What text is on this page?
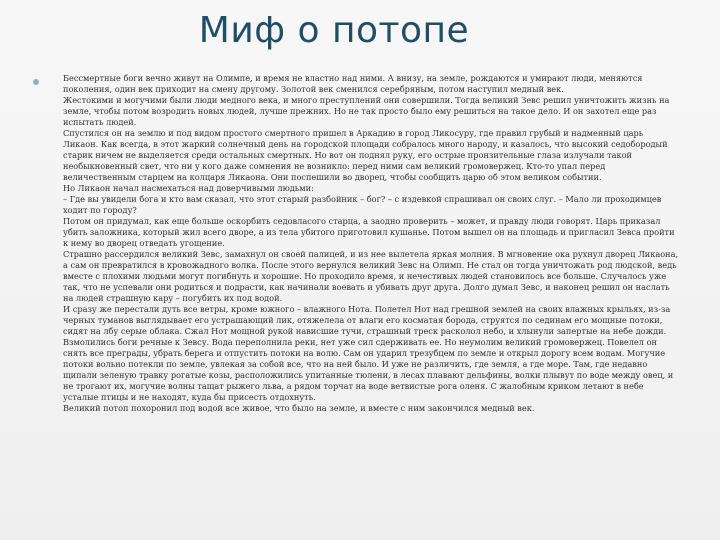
Миф о потопе

Бессмертные боги вечно живут на Олимпе, и время не властно над ними. А внизу, на земле, рождаются и умирают люди, меняются поколения, один век приходит на смену другому. Золотой век сменился серебряным, потом наступил медный век.

Жестокими и могучими были люди медного века, и много преступлений они совершили. Тогда великий Зевс решил уничтожить жизнь на земле, чтобы потом возродить новых людей, лучше прежних. Но не так просто было ему решиться на такое дело. И он захотел еще раз испытать людей.

Спустился он на землю и под видом простого смертного пришел в Аркадию в город Ликосуру, где правил грубый и надменный царь Ликаон. Как всегда, в этот жаркий солнечный день на городской площади собралось много народу, и казалось, что высокий седобородый старик ничем не выделяется среди остальных смертных. Но вот он поднял руку, его острые пронзительные глаза излучали такой необыкновенный свет, что ни у кого даже сомнения не возникло: перед ними сам великий громовержец. Кто-то упал перед величественным старцем на колцаря Ликаона. Они поспешили во дворец, чтобы сообщить царю об этом великом событии.

Но Ликаон начал насмехаться над доверчивыми людьми:

– Где вы увидели бога и кто вам сказал, что этот старый разбойник – бог? – с издевкой спрашивал он своих слуг. – Мало ли проходимцев ходит по городу?

Потом он придумал, как еще больше оскорбить седовласого старца, а заодно проверить – может, и правду люди говорят. Царь приказал убить заложника, который жил всего дворе, а из тела убитого приготовил кушанье. Потом вышел он на площадь и пригласил Зевса пройти к нему во дворец отведать угощение.

Страшно рассердился великий Зевс, замахнул он своей палицей, и из нее вылетела яркая молния. В мгновение ока рухнул дворец Ликаона, а сам он превратился в кровожадного волка. После этого вернулся великий Зевс на Олимп. Не стал он тогда уничтожать род людской, ведь вместе с плохими людьми могут погибнуть и хорошие. Но проходило время, и нечестивых людей становилось все больше. Случалось уже так, что не успевали они родиться и подрасти, как начинали воевать и убивать друг друга. Долго думал Зевс, и наконец решил он наслать на людей страшную кару – погубить их под водой.

И сразу же перестали дуть все ветры, кроме южного – влажного Нота. Полетел Нот над грешной землей на своих влажных крыльях, из-за черных туманов выглядывает его устрашающий лик, отяжелела от влаги его косматая борода, струятся по сединам его мощные потоки, сидят на лбу серые облака. Сжал Нот мощной рукой нависшие тучи, страшный треск расколол небо, и хлынули запертые на небе дожди.

Взмолились боги речные к Зевсу. Вода переполнила реки, нет уже сил сдерживать ее. Но неумолим великий громовержец. Повелел он снять все преграды, убрать берега и отпустить потоки на волю. Сам он ударил трезубцем по земле и открыл дорогу всем водам. Могучие потоки вольно потекли по земле, увлекая за собой все, что на ней было. И уже не различить, где земля, а где море. Там, где недавно щипали зеленую травку рогатые козы, расположились упитанные тюлени, в лесах плавают дельфины, волки плывут по воде между овец, и не трогают их, могучие волны тащат рыжего льва, а рядом торчат на воде ветвистые рога оленя. С жалобным криком летают в небе усталые птицы и не находят, куда бы присесть отдохнуть.

Великий потоп похоронил под водой все живое, что было на земле, и вместе с ним закончился медный век.
